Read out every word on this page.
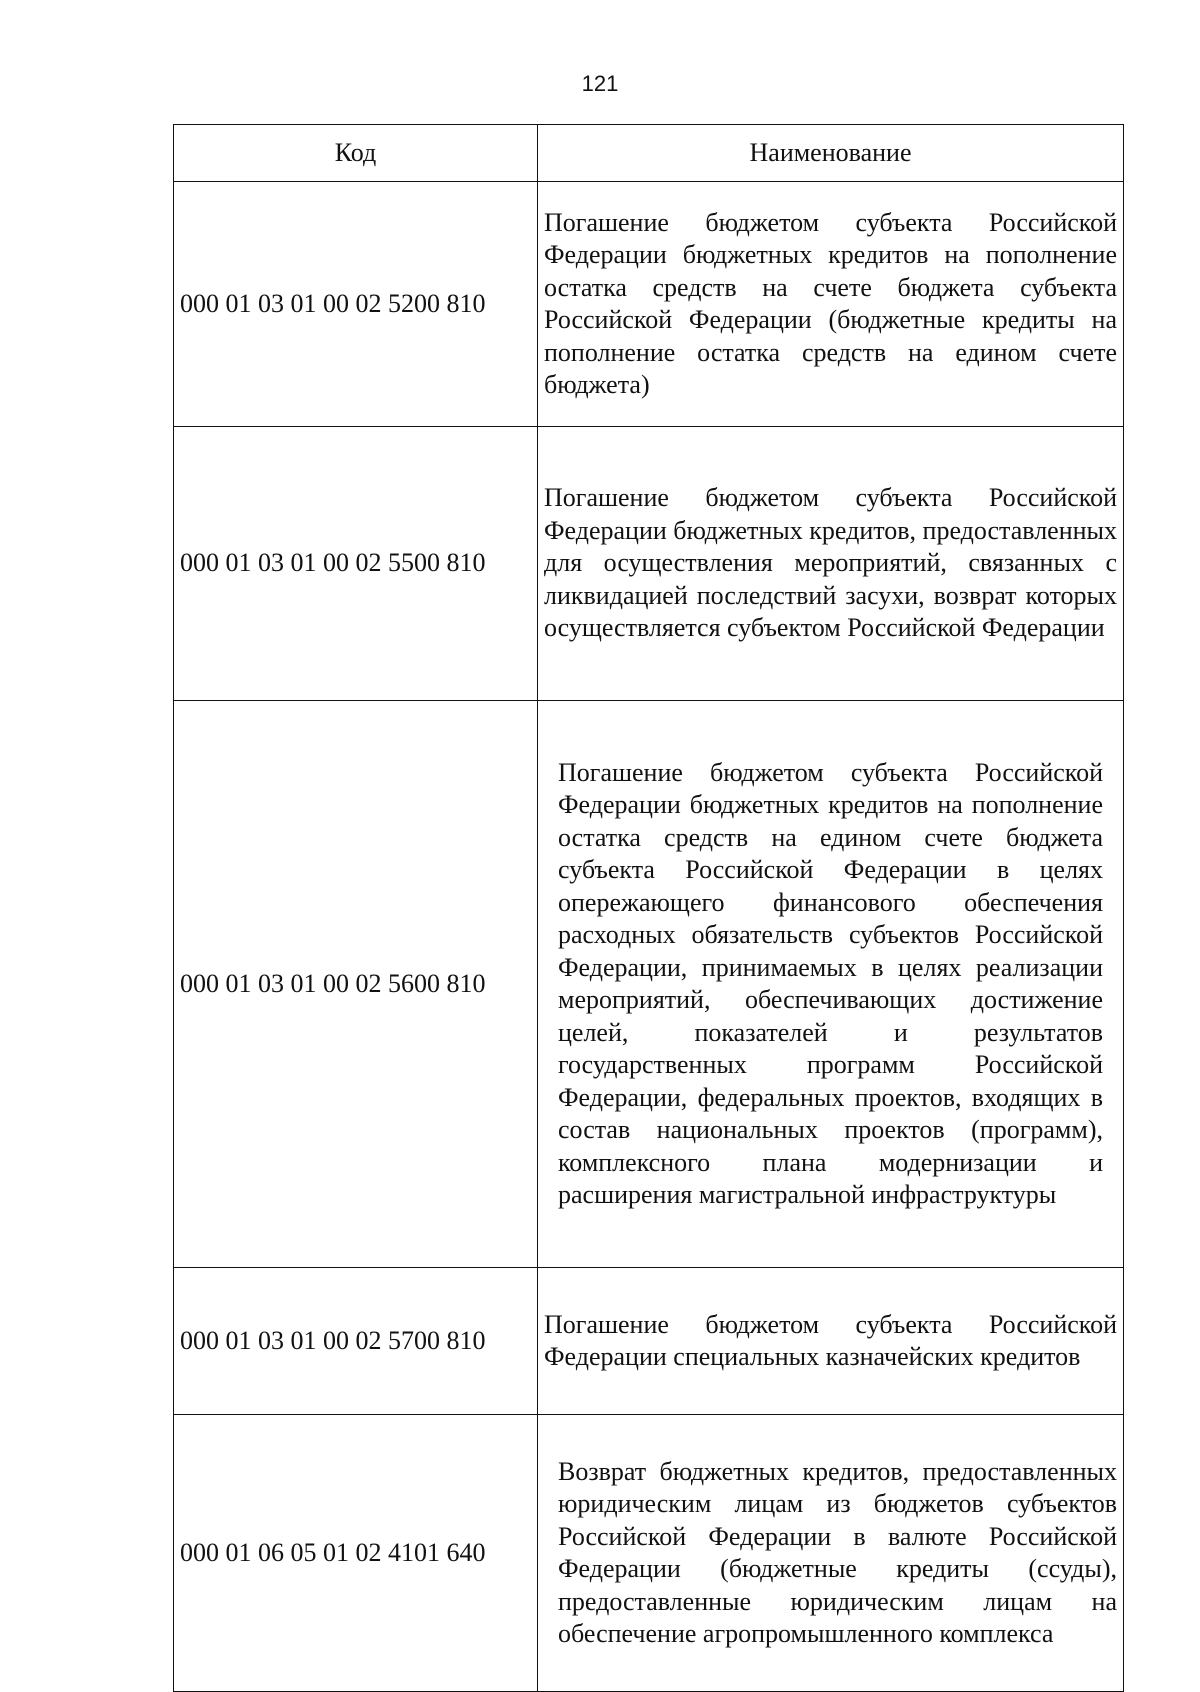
121
Код	Наименование
000 01 03 01 00 02 5200 810	Погашение бюджетом субъекта Российской Федерации бюджетных кредитов на пополнение остатка средств на счете бюджета субъекта Российской Федерации (бюджетные кредиты на пополнение остатка средств на едином счете бюджета)
000 01 03 01 00 02 5500 810	Погашение бюджетом субъекта Российской Федерации бюджетных кредитов, предоставленных для осуществления мероприятий, связанных с ликвидацией последствий засухи, возврат которых осуществляется субъектом Российской Федерации
000 01 03 01 00 02 5600 810	Погашение бюджетом субъекта Российской Федерации бюджетных кредитов на пополнение остатка средств на едином счете бюджета субъекта Российской Федерации в целях опережающего финансового обеспечения расходных обязательств субъектов Российской Федерации, принимаемых в целях реализации мероприятий, обеспечивающих достижение целей, показателей и результатов государственных программ Российской Федерации, федеральных проектов, входящих в состав национальных проектов (программ), комплексного плана модернизации и расширения магистральной инфраструктуры
000 01 03 01 00 02 5700 810	Погашение бюджетом субъекта Российской Федерации специальных казначейских кредитов
000 01 06 05 01 02 4101 640	Возврат бюджетных кредитов, предоставленных юридическим лицам из бюджетов субъектов Российской Федерации в валюте Российской Федерации (бюджетные кредиты (ссуды), предоставленные юридическим лицам на обеспечение агропромышленного комплекса
